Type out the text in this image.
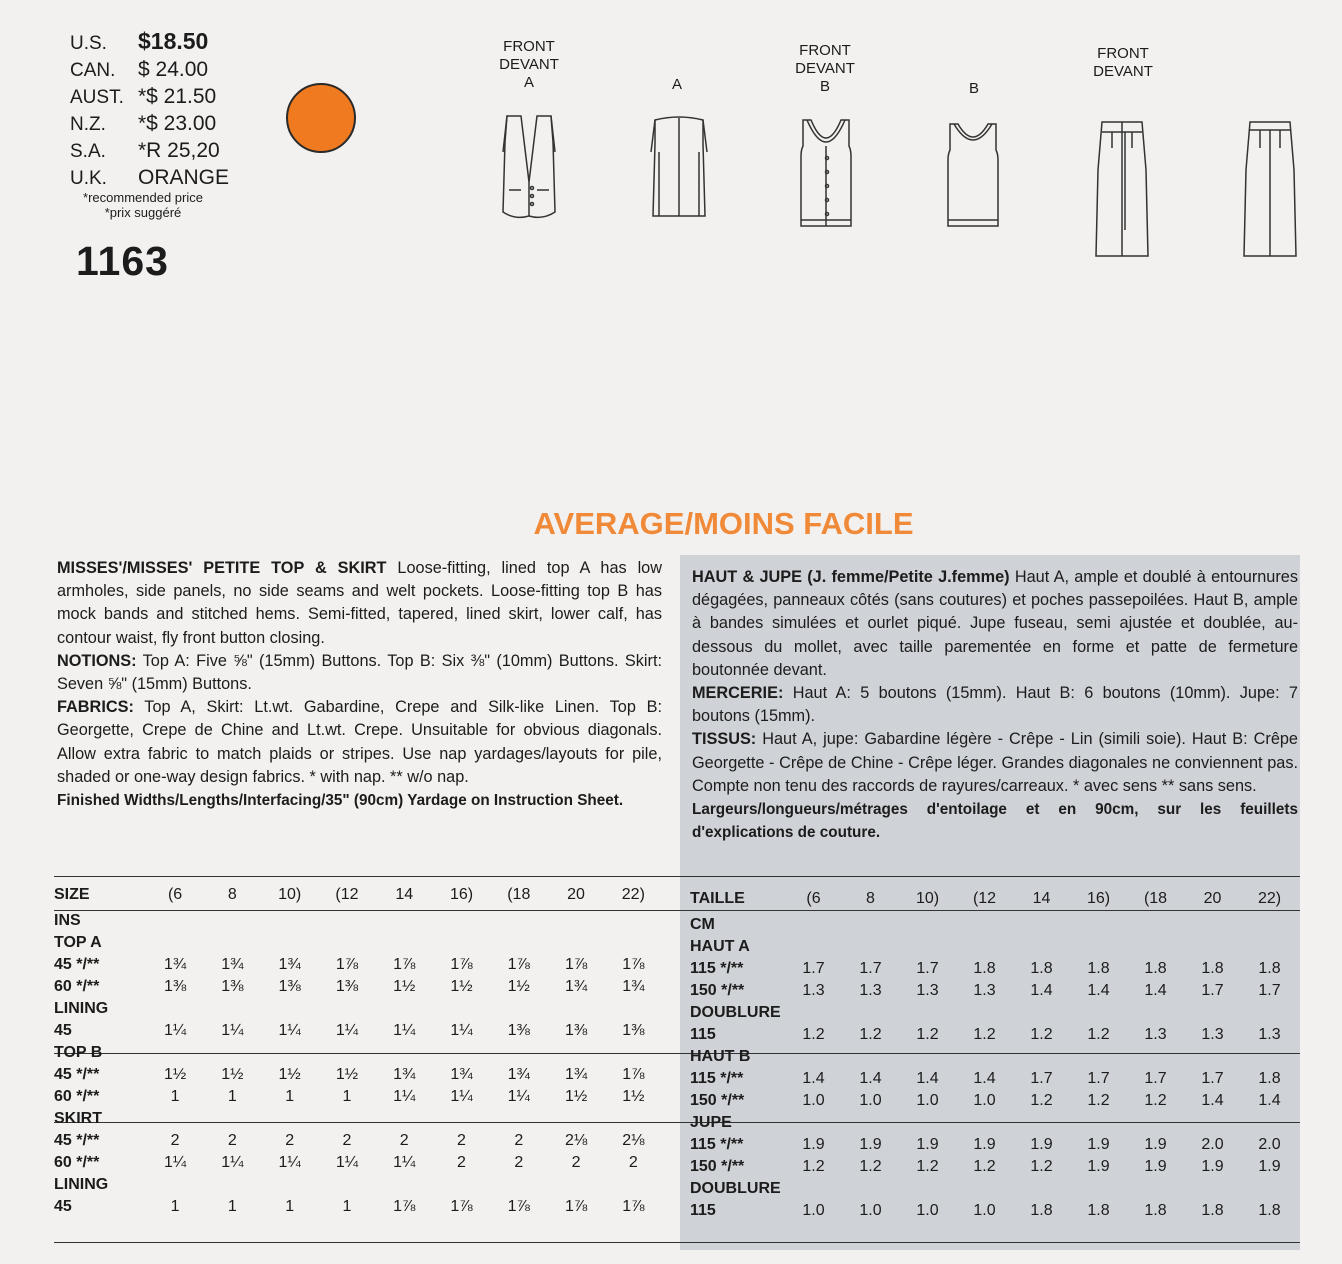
U.S.	$18.50
CAN.	$ 24.00
AUST. *$ 21.50
N.Z.	*$ 23.00
S.A.	*R 25,20
U.K.	ORANGE
*recommended price
*prix suggéré
1163
FRONT
DEVANT
A	A
FRONT
DEVANT
B	B
FRONT
DEVANT
AVERAGE/MOINS FACILE

MISSES'/MISSES' PETITE TOP & SKIRT Loose-fitting, lined top A has low armholes, side panels, no side seams and welt pockets. Loose-fitting top B has mock bands and stitched hems. Semi-fitted, tapered, lined skirt, lower calf, has contour waist, fly front button closing.

NOTIONS: Top A: Five ⅝" (15mm) Buttons. Top B: Six ⅜" (10mm) Buttons. Skirt: Seven ⅝" (15mm) Buttons.

FABRICS: Top A, Skirt: Lt.wt. Gabardine, Crepe and Silk-like Linen. Top B: Georgette, Crepe de Chine and Lt.wt. Crepe. Unsuitable for obvious diagonals. Allow extra fabric to match plaids or stripes. Use nap yardages/layouts for pile, shaded or one-way design fabrics. * with nap. ** w/o nap.

Finished Widths/Lengths/Interfacing/35" (90cm) Yardage on Instruction Sheet.

HAUT & JUPE (J. femme/Petite J.femme) Haut A, ample et doublé à entournures dégagées, panneaux côtés (sans coutures) et poches passepoilées. Haut B, ample à bandes simulées et ourlet piqué. Jupe fuseau, semi ajustée et doublée, au-dessous du mollet, avec taille parementée en forme et patte de fermeture boutonnée devant.

MERCERIE: Haut A: 5 boutons (15mm). Haut B: 6 boutons (10mm). Jupe: 7 boutons (15mm).

TISSUS: Haut A, jupe: Gabardine légère - Crêpe - Lin (simili soie). Haut B: Crêpe Georgette - Crêpe de Chine - Crêpe léger. Grandes diagonales ne conviennent pas. Compte non tenu des raccords de rayures/carreaux. * avec sens ** sans sens.

Largeurs/longueurs/métrages d'entoilage et en 90cm, sur les feuillets d'explications de couture.

SIZE	(6	8	10)	(12	14	16)	(18	20	22)
INS									
TOP A									
45 */**	1¾	1¾	1¾	1⅞	1⅞	1⅞	1⅞	1⅞	1⅞
60 */**	1⅜	1⅜	1⅜	1⅜	1½	1½	1½	1¾	1¾
LINING									
45	1¼	1¼	1¼	1¼	1¼	1¼	1⅜	1⅜	1⅜
TOP B									
45 */**	1½	1½	1½	1½	1¾	1¾	1¾	1¾	1⅞
60 */**	1	1	1	1	1¼	1¼	1¼	1½	1½
SKIRT									
45 */**	2	2	2	2	2	2	2	2⅛	2⅛
60 */**	1¼	1¼	1¼	1¼	1¼	2	2	2	2
LINING									
45	1	1	1	1	1⅞	1⅞	1⅞	1⅞	1⅞
TAILLE	(6	8	10)	(12	14	16)	(18	20	22)
CM									
HAUT A									
115 */**	1.7	1.7	1.7	1.8	1.8	1.8	1.8	1.8	1.8
150 */**	1.3	1.3	1.3	1.3	1.4	1.4	1.4	1.7	1.7
DOUBLURE									
115	1.2	1.2	1.2	1.2	1.2	1.2	1.3	1.3	1.3
HAUT B									
115 */**	1.4	1.4	1.4	1.4	1.7	1.7	1.7	1.7	1.8
150 */**	1.0	1.0	1.0	1.0	1.2	1.2	1.2	1.4	1.4
JUPE									
115 */**	1.9	1.9	1.9	1.9	1.9	1.9	1.9	2.0	2.0
150 */**	1.2	1.2	1.2	1.2	1.2	1.9	1.9	1.9	1.9
DOUBLURE									
115	1.0	1.0	1.0	1.0	1.8	1.8	1.8	1.8	1.8
